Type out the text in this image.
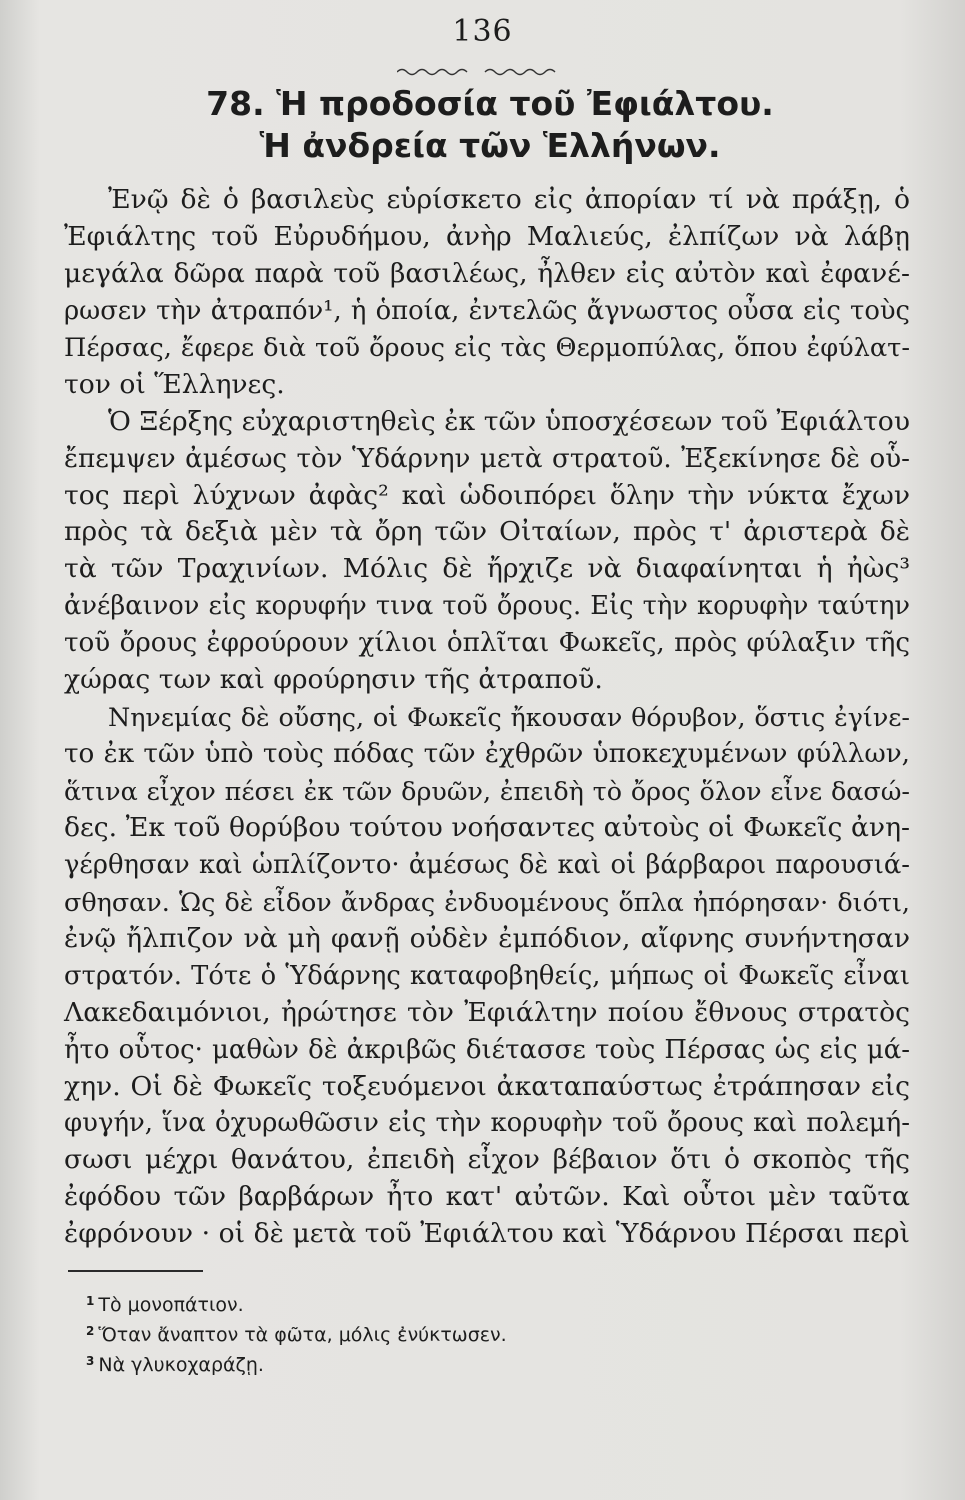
136
78. Ἡ προδοσία τοῦ Ἐφιάλτου.
Ἡ ἀνδρεία τῶν Ἑλλήνων.
Ἐνῷ δὲ ὁ βασιλεὺς εὑρίσκετο εἰς ἀπορίαν τί νὰ πράξῃ, ὁ
Ἐφιάλτης τοῦ Εὐρυδήμου, ἀνὴρ Μαλιεύς, ἐλπίζων νὰ λάβῃ
μεγάλα δῶρα παρὰ τοῦ βασιλέως, ἦλθεν εἰς αὐτὸν καὶ ἐφανέ-
ρωσεν τὴν ἀτραπόν¹, ἡ ὁποία, ἐντελῶς ἄγνωστος οὖσα εἰς τοὺς
Πέρσας, ἔφερε διὰ τοῦ ὄρους εἰς τὰς Θερμοπύλας, ὅπου ἐφύλατ-
τον οἱ Ἕλληνες.
Ὁ Ξέρξης εὐχαριστηθεὶς ἐκ τῶν ὑποσχέσεων τοῦ Ἐφιάλτου
ἔπεμψεν ἀμέσως τὸν Ὑδάρνην μετὰ στρατοῦ. Ἐξεκίνησε δὲ οὗ-
τος περὶ λύχνων ἀφὰς² καὶ ὡδοιπόρει ὅλην τὴν νύκτα ἔχων
πρὸς τὰ δεξιὰ μὲν τὰ ὄρη τῶν Οἰταίων, πρὸς τ' ἀριστερὰ δὲ
τὰ τῶν Τραχινίων. Μόλις δὲ ἤρχιζε νὰ διαφαίνηται ἡ ἠὼς³
ἀνέβαινον εἰς κορυφήν τινα τοῦ ὄρους. Εἰς τὴν κορυφὴν ταύτην
τοῦ ὄρους ἐφρούρουν χίλιοι ὁπλῖται Φωκεῖς, πρὸς φύλαξιν τῆς
χώρας των καὶ φρούρησιν τῆς ἀτραποῦ.
Νηνεμίας δὲ οὔσης, οἱ Φωκεῖς ἤκουσαν θόρυβον, ὅστις ἐγίνε-
το ἐκ τῶν ὑπὸ τοὺς πόδας τῶν ἐχθρῶν ὑποκεχυμένων φύλλων,
ἅτινα εἶχον πέσει ἐκ τῶν δρυῶν, ἐπειδὴ τὸ ὄρος ὅλον εἶνε δασώ-
δες. Ἐκ τοῦ θορύβου τούτου νοήσαντες αὐτοὺς οἱ Φωκεῖς ἀνη-
γέρθησαν καὶ ὡπλίζοντο· ἀμέσως δὲ καὶ οἱ βάρβαροι παρουσιά-
σθησαν. Ὡς δὲ εἶδον ἄνδρας ἐνδυομένους ὅπλα ἠπόρησαν· διότι,
ἐνῷ ἤλπιζον νὰ μὴ φανῇ οὐδὲν ἐμπόδιον, αἴφνης συνήντησαν
στρατόν. Τότε ὁ Ὑδάρνης καταφοβηθείς, μήπως οἱ Φωκεῖς εἶναι
Λακεδαιμόνιοι, ἠρώτησε τὸν Ἐφιάλτην ποίου ἔθνους στρατὸς
ἦτο οὗτος· μαθὼν δὲ ἀκριβῶς διέτασσε τοὺς Πέρσας ὡς εἰς μά-
χην. Οἱ δὲ Φωκεῖς τοξευόμενοι ἀκαταπαύστως ἐτράπησαν εἰς
φυγήν, ἵνα ὀχυρωθῶσιν εἰς τὴν κορυφὴν τοῦ ὄρους καὶ πολεμή-
σωσι μέχρι θανάτου, ἐπειδὴ εἶχον βέβαιον ὅτι ὁ σκοπὸς τῆς
ἐφόδου τῶν βαρβάρων ἦτο κατ' αὐτῶν. Καὶ οὗτοι μὲν ταῦτα
ἐφρόνουν · οἱ δὲ μετὰ τοῦ Ἐφιάλτου καὶ Ὑδάρνου Πέρσαι περὶ
$^1$ Τὸ μονοπάτιον.
$^2$ Ὅταν ἄναπτον τὰ φῶτα, μόλις ἐνύκτωσεν.
$^3$ Νὰ γλυκοχαράζῃ.
